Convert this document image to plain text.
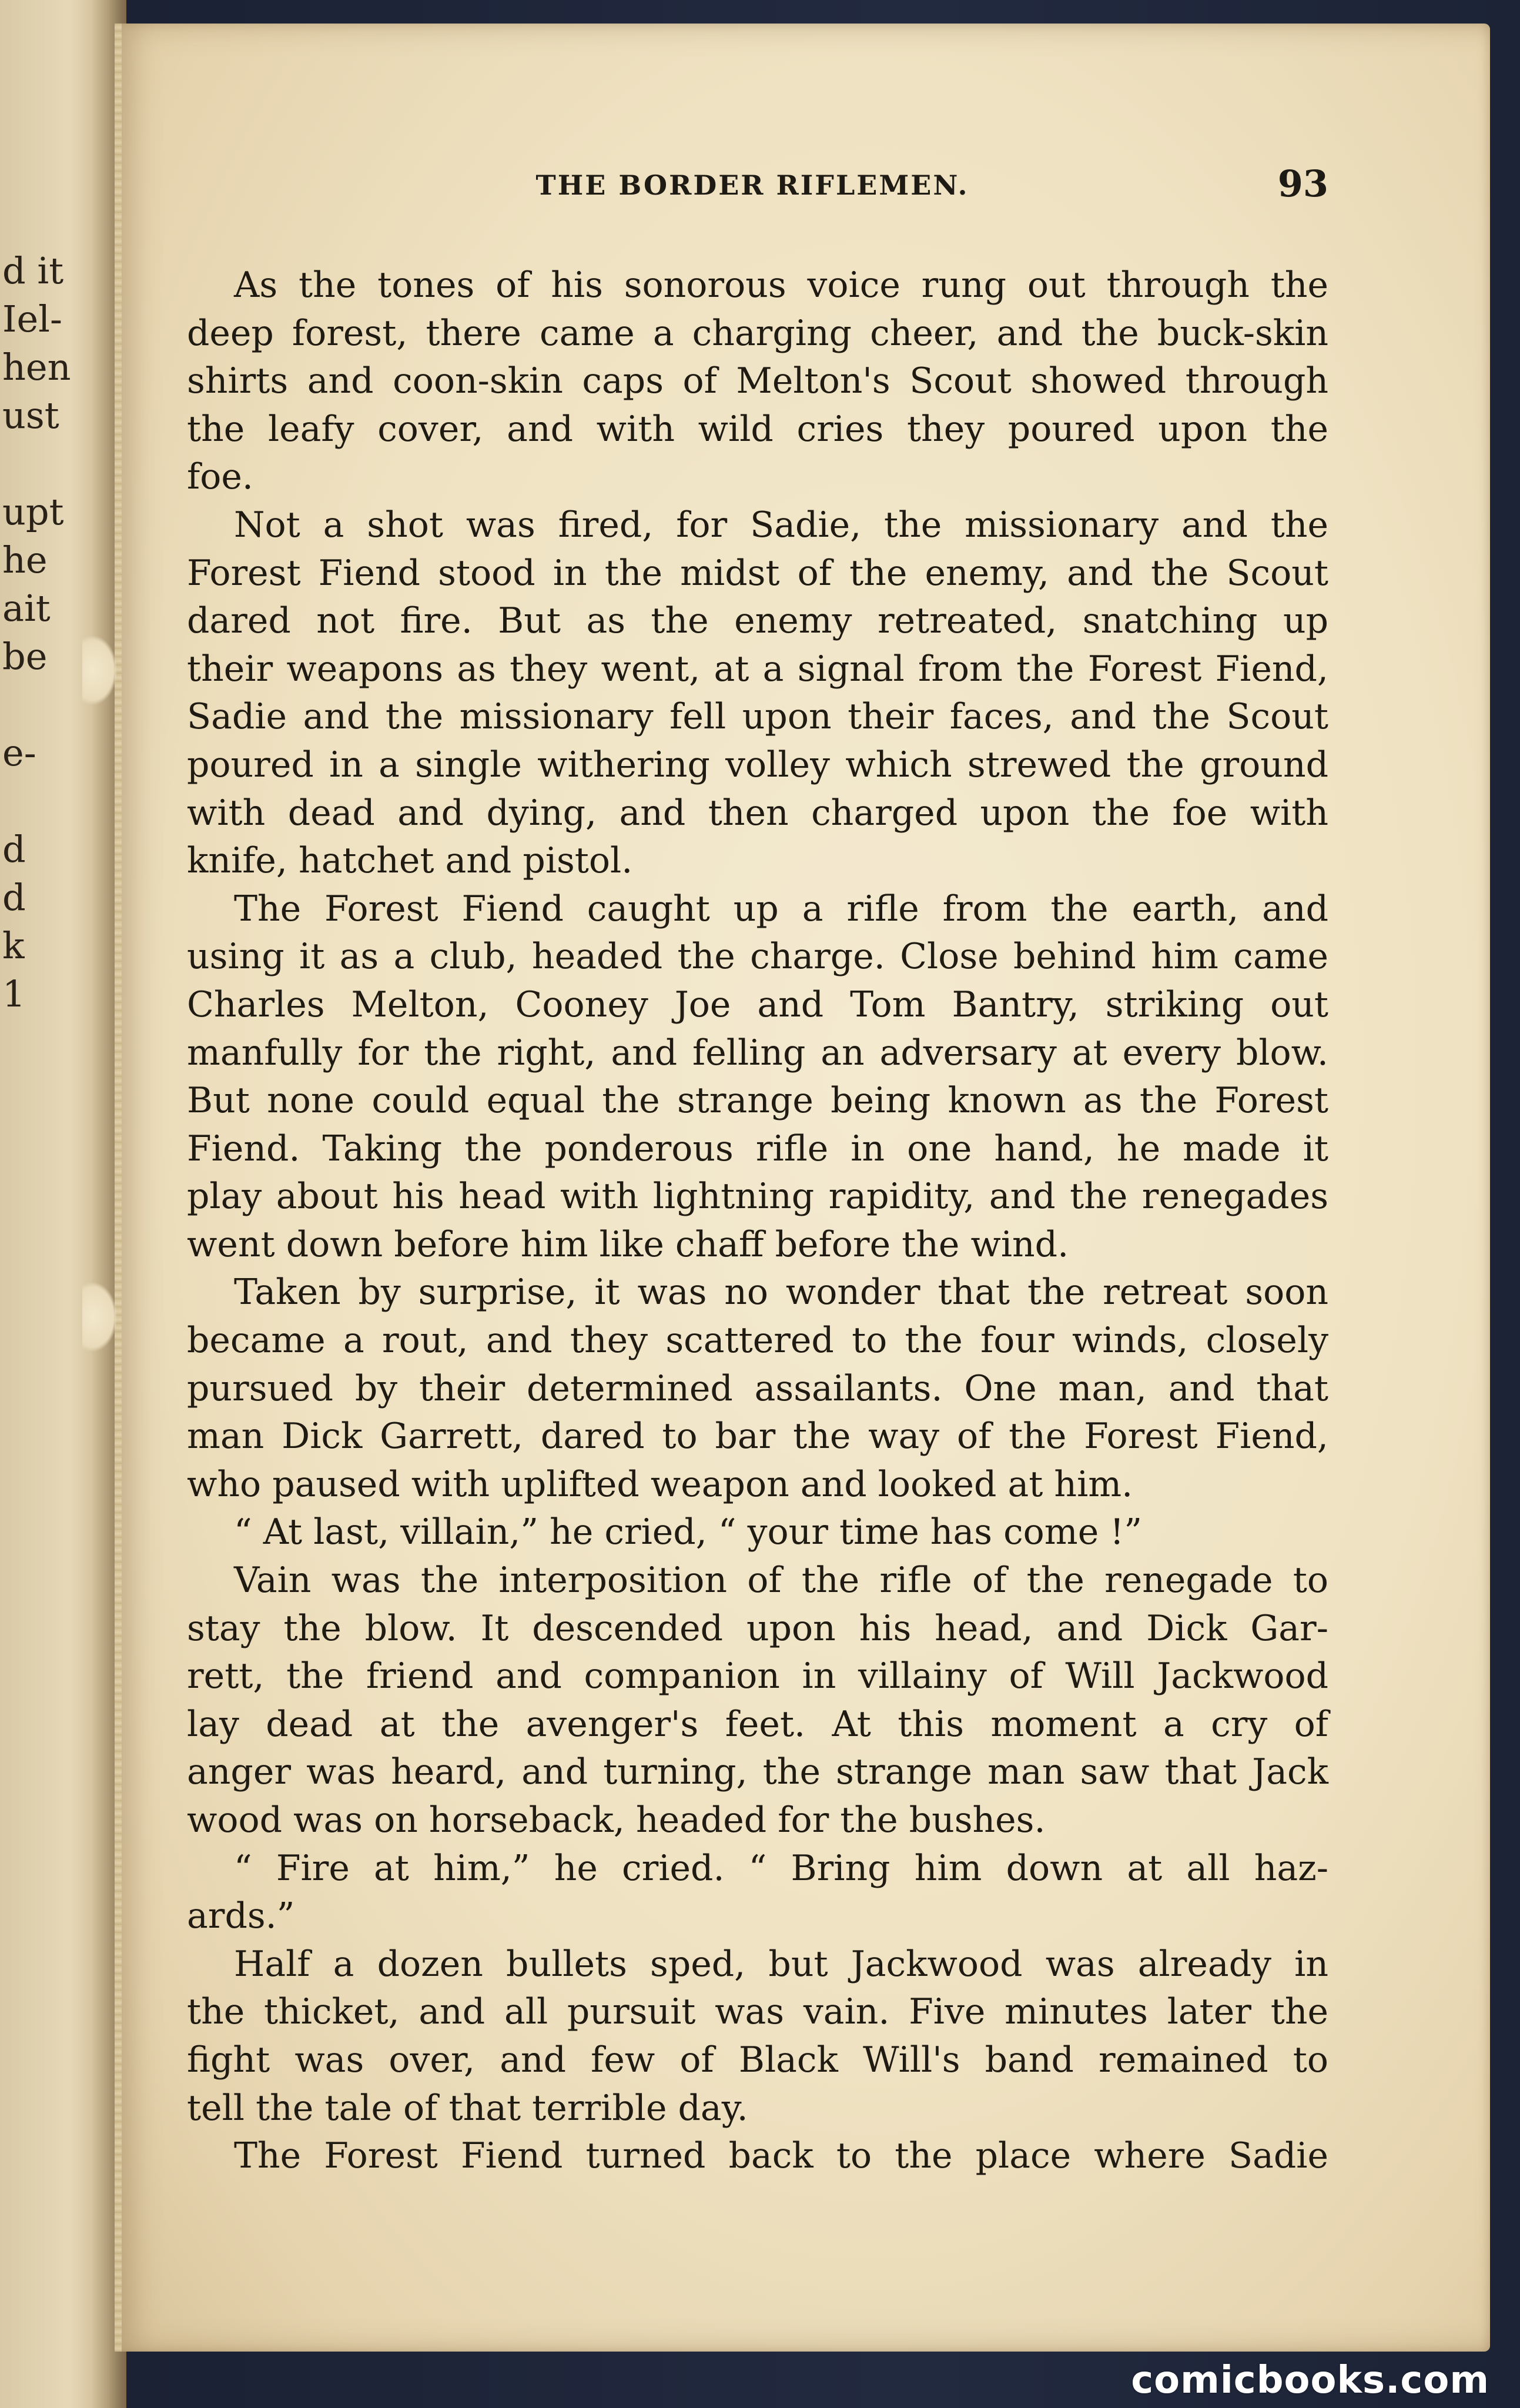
d it
Iel-
hen
ust
upt
he
ait
be
e-
d
d
k
1
THE BORDER RIFLEMEN.	93
As the tones of his sonorous voice rung out through the
deep forest, there came a charging cheer, and the buck-skin
shirts and coon-skin caps of Melton's Scout showed through
the leafy cover, and with wild cries they poured upon the
foe.
Not a shot was fired, for Sadie, the missionary and the
Forest Fiend stood in the midst of the enemy, and the Scout
dared not fire. But as the enemy retreated, snatching up
their weapons as they went, at a signal from the Forest Fiend,
Sadie and the missionary fell upon their faces, and the Scout
poured in a single withering volley which strewed the ground
with dead and dying, and then charged upon the foe with
knife, hatchet and pistol.
The Forest Fiend caught up a rifle from the earth, and
using it as a club, headed the charge. Close behind him came
Charles Melton, Cooney Joe and Tom Bantry, striking out
manfully for the right, and felling an adversary at every blow.
But none could equal the strange being known as the Forest
Fiend. Taking the ponderous rifle in one hand, he made it
play about his head with lightning rapidity, and the renegades
went down before him like chaff before the wind.
Taken by surprise, it was no wonder that the retreat soon
became a rout, and they scattered to the four winds, closely
pursued by their determined assailants. One man, and that
man Dick Garrett, dared to bar the way of the Forest Fiend,
who paused with uplifted weapon and looked at him.
“ At last, villain,” he cried, “ your time has come !”
Vain was the interposition of the rifle of the renegade to
stay the blow. It descended upon his head, and Dick Gar-
rett, the friend and companion in villainy of Will Jackwood
lay dead at the avenger's feet. At this moment a cry of
anger was heard, and turning, the strange man saw that Jack
wood was on horseback, headed for the bushes.
“ Fire at him,” he cried. “ Bring him down at all haz-
ards.”
Half a dozen bullets sped, but Jackwood was already in
the thicket, and all pursuit was vain. Five minutes later the
fight was over, and few of Black Will's band remained to
tell the tale of that terrible day.
The Forest Fiend turned back to the place where Sadie
comicbooks.com
